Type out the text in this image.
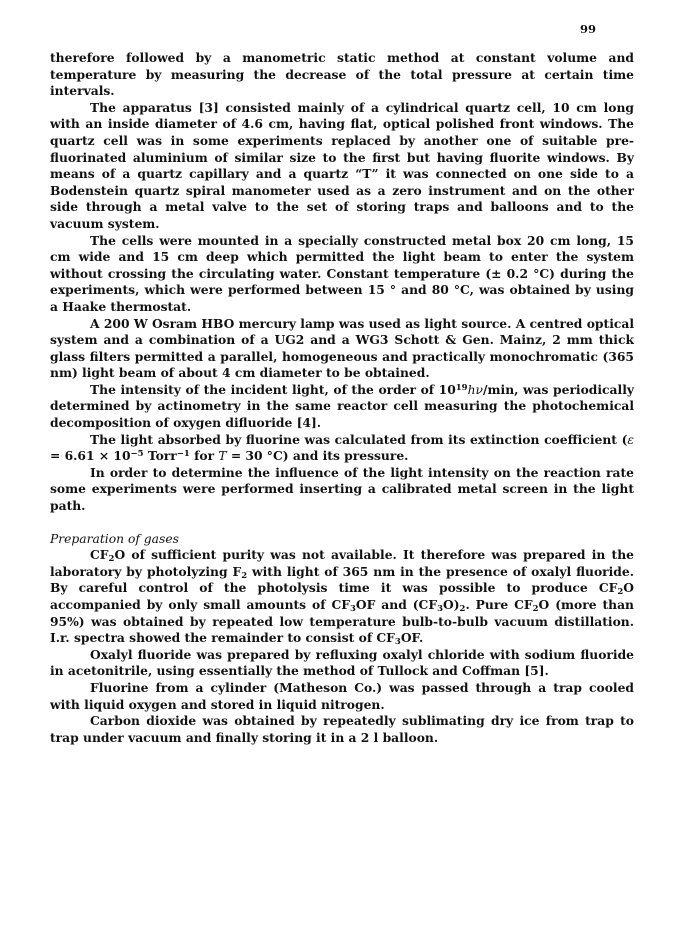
99

therefore followed by a manometric static method at constant volume and temperature by measuring the decrease of the total pressure at certain time intervals.

The apparatus [3] consisted mainly of a cylindrical quartz cell, 10 cm long with an inside diameter of 4.6 cm, having flat, optical polished front windows. The quartz cell was in some experiments replaced by another one of suitable pre-fluorinated aluminium of similar size to the first but having fluorite windows. By means of a quartz capillary and a quartz “T” it was connected on one side to a Bodenstein quartz spiral manometer used as a zero instrument and on the other side through a metal valve to the set of storing traps and balloons and to the vacuum system.

The cells were mounted in a specially constructed metal box 20 cm long, 15 cm wide and 15 cm deep which permitted the light beam to enter the system without crossing the circulating water. Constant temperature (± 0.2 °C) during the experiments, which were performed between 15 ° and 80 °C, was obtained by using a Haake thermostat.

A 200 W Osram HBO mercury lamp was used as light source. A centred optical system and a combination of a UG2 and a WG3 Schott & Gen. Mainz, 2 mm thick glass filters permitted a parallel, homogeneous and practically monochromatic (365 nm) light beam of about 4 cm diameter to be obtained.

The intensity of the incident light, of the order of $10^{19}h\nu/\min$, was periodically determined by actinometry in the same reactor cell measuring the photochemical decomposition of oxygen difluoride [4].

The light absorbed by fluorine was calculated from its extinction coefficient ($\varepsilon = 6.61 \times 10^{-5}$ Torr$^{-1}$ for T = 30 °C) and its pressure.

In order to determine the influence of the light intensity on the reaction rate some experiments were performed inserting a calibrated metal screen in the light path.

Preparation of gases

$CF_2O$ of sufficient purity was not available. It therefore was prepared in the laboratory by photolyzing $F_2$ with light of 365 nm in the presence of oxalyl fluoride. By careful control of the photolysis time it was possible to produce $CF_2O$ accompanied by only small amounts of $CF_3OF$ and $(CF_3O)_2$. Pure $CF_2O$ (more than 95%) was obtained by repeated low temperature bulb-to-bulb vacuum distillation. I.r. spectra showed the remainder to consist of $CF_3OF$.

Oxalyl fluoride was prepared by refluxing oxalyl chloride with sodium fluoride in acetonitrile, using essentially the method of Tullock and Coffman [5].

Fluorine from a cylinder (Matheson Co.) was passed through a trap cooled with liquid oxygen and stored in liquid nitrogen.

Carbon dioxide was obtained by repeatedly sublimating dry ice from trap to trap under vacuum and finally storing it in a 2 l balloon.
